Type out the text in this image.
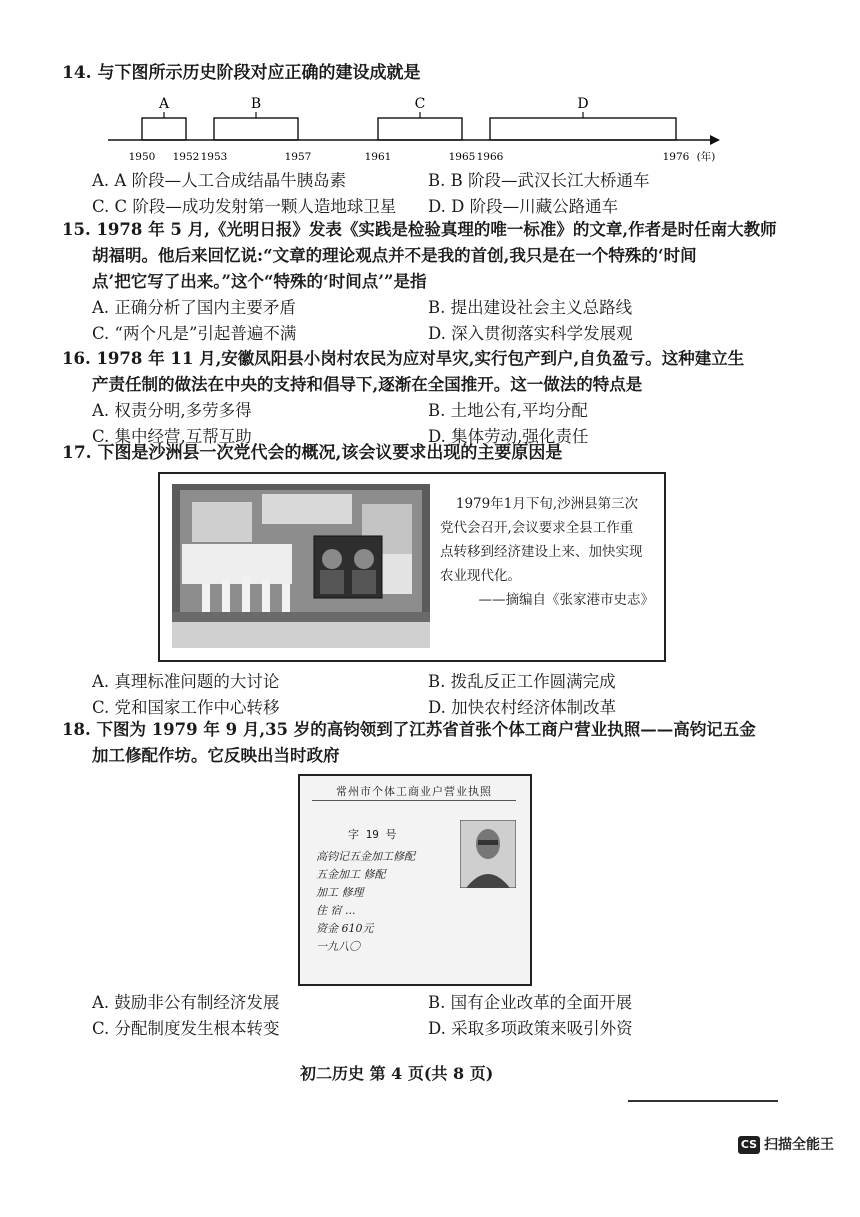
14. 与下图所示历史阶段对应正确的建设成就是
A	B	C	D
1950 1952 1953	1957	1961	1965 1966	1976 (年)
A. A 阶段—人工合成结晶牛胰岛素	B. B 阶段—武汉长江大桥通车
C. C 阶段—成功发射第一颗人造地球卫星 D. D 阶段—川藏公路通车
15. 1978 年 5 月,《光明日报》发表《实践是检验真理的唯一标准》的文章,作者是时任南大教师
胡福明。他后来回忆说:“文章的理论观点并不是我的首创,我只是在一个特殊的‘时间
点’把它写了出来。”这个“特殊的‘时间点’”是指
A. 正确分析了国内主要矛盾	B. 提出建设社会主义总路线
C. “两个凡是”引起普遍不满	D. 深入贯彻落实科学发展观
16. 1978 年 11 月,安徽凤阳县小岗村农民为应对旱灾,实行包产到户,自负盈亏。这种建立生
产责任制的做法在中央的支持和倡导下,逐渐在全国推开。这一做法的特点是
A. 权责分明,多劳多得	B. 土地公有,平均分配
C. 集中经营,互帮互助	D. 集体劳动,强化责任
17. 下图是沙洲县一次党代会的概况,该会议要求出现的主要原因是
1979年1月下旬,沙洲县第三次
党代会召开,会议要求全县工作重
点转移到经济建设上来、加快实现
农业现代化。
——摘编自《张家港市史志》
A. 真理标准问题的大讨论	B. 拨乱反正工作圆满完成
C. 党和国家工作中心转移	D. 加快农村经济体制改革
18. 下图为 1979 年 9 月,35 岁的高钧领到了江苏省首张个体工商户营业执照——高钧记五金
加工修配作坊。它反映出当时政府
常州市个体工商业户营业执照
字 19 号
高钧记五金加工修配
五金加工 修配
加工 修理
住 宿 ...
资金 610元
一九八〇
A. 鼓励非公有制经济发展	B. 国有企业改革的全面开展
C. 分配制度发生根本转变	D. 采取多项政策来吸引外资
初二历史 第 4 页(共 8 页)
CS 扫描全能王
